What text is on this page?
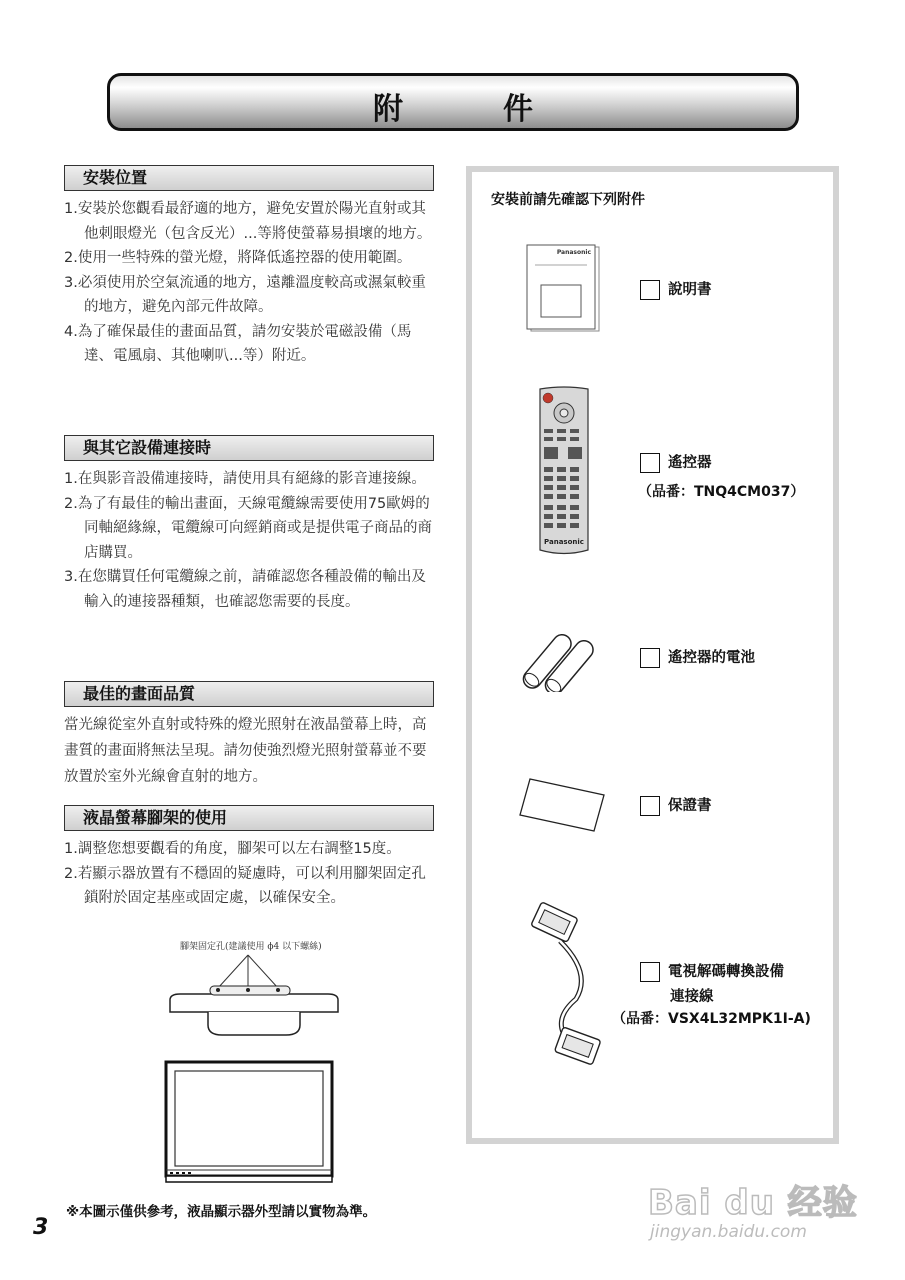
附件
安裝位置
1.安裝於您觀看最舒適的地方，避免安置於陽光直射或其他刺眼燈光（包含反光）...等將使螢幕易損壞的地方。
2.使用一些特殊的螢光燈，將降低遙控器的使用範圍。
3.必須使用於空氣流通的地方，遠離溫度較高或濕氣較重的地方，避免內部元件故障。
4.為了確保最佳的畫面品質，請勿安裝於電磁設備（馬達、電風扇、其他喇叭...等）附近。
與其它設備連接時
1.在與影音設備連接時，請使用具有絕緣的影音連接線。
2.為了有最佳的輸出畫面，天線電纜線需要使用75歐姆的同軸絕緣線，電纜線可向經銷商或是提供電子商品的商店購買。
3.在您購買任何電纜線之前，請確認您各種設備的輸出及輸入的連接器種類，也確認您需要的長度。
最佳的畫面品質
當光線從室外直射或特殊的燈光照射在液晶螢幕上時，高畫質的畫面將無法呈現。請勿使強烈燈光照射螢幕並不要放置於室外光線會直射的地方。
液晶螢幕腳架的使用
1.調整您想要觀看的角度，腳架可以左右調整15度。
2.若顯示器放置有不穩固的疑慮時，可以利用腳架固定孔鎖附於固定基座或固定處，以確保安全。
腳架固定孔(建議使用 ϕ4 以下螺絲)
※本圖示僅供參考，液晶顯示器外型請以實物為準。
3
安裝前請先確認下列附件
Panasonic
說明書
Panasonic
遙控器
（品番：TNQ4CM037）
遙控器的電池
保證書
電視解碼轉換設備
連接線
（品番：VSX4L32MPK1I-A)
Bai du 经验
jingyan.baidu.com
